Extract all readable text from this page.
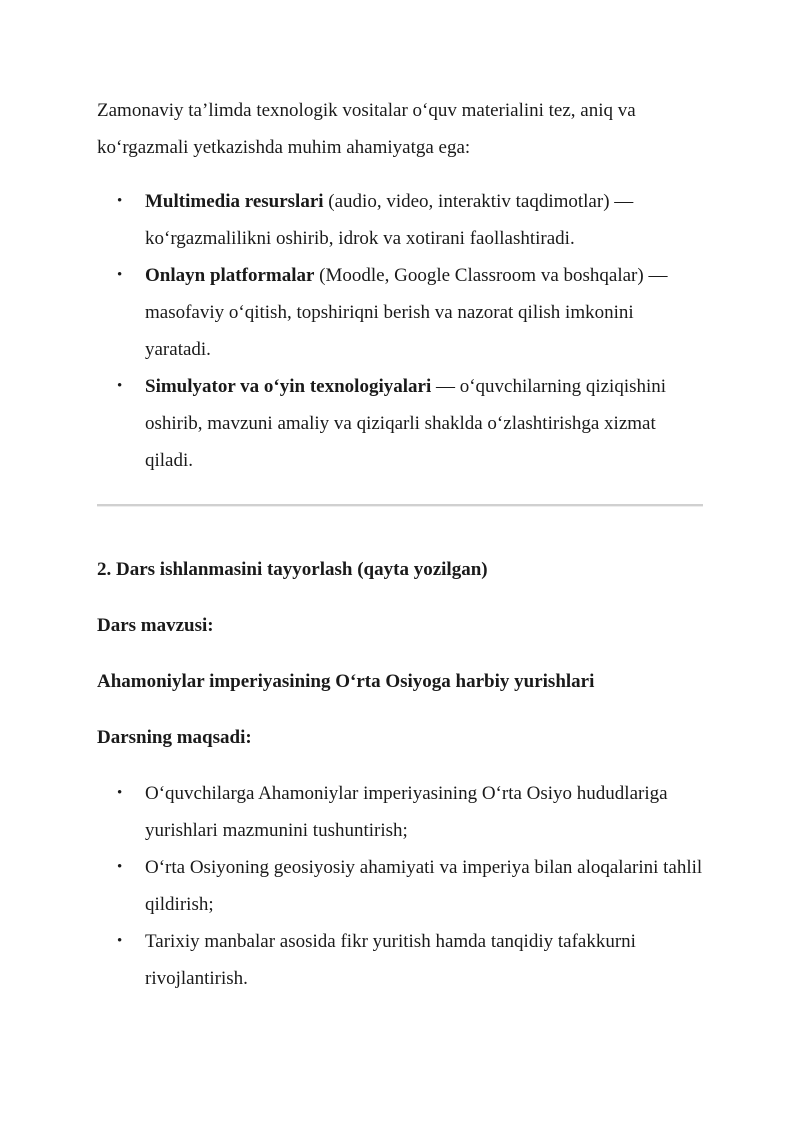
Zamonaviy ta’limda texnologik vositalar o‘quv materialini tez, aniq va ko‘rgazmali yetkazishda muhim ahamiyatga ega:

• Multimedia resurslari (audio, video, interaktiv taqdimotlar) — ko‘rgazmalilikni oshirib, idrok va xotirani faollashtiradi.
• Onlayn platformalar (Moodle, Google Classroom va boshqalar) — masofaviy o‘qitish, topshiriqni berish va nazorat qilish imkonini yaratadi.
• Simulyator va o‘yin texnologiyalari — o‘quvchilarning qiziqishini oshirib, mavzuni amaliy va qiziqarli shaklda o‘zlashtirishga xizmat qiladi.

2. Dars ishlanmasini tayyorlash (qayta yozilgan)

Dars mavzusi:

Ahamoniylar imperiyasining O‘rta Osiyoga harbiy yurishlari

Darsning maqsadi:

• O‘quvchilarga Ahamoniylar imperiyasining O‘rta Osiyo hududlariga yurishlari mazmunini tushuntirish;
• O‘rta Osiyoning geosiyosiy ahamiyati va imperiya bilan aloqalarini tahlil qildirish;
• Tarixiy manbalar asosida fikr yuritish hamda tanqidiy tafakkurni rivojlantirish.
